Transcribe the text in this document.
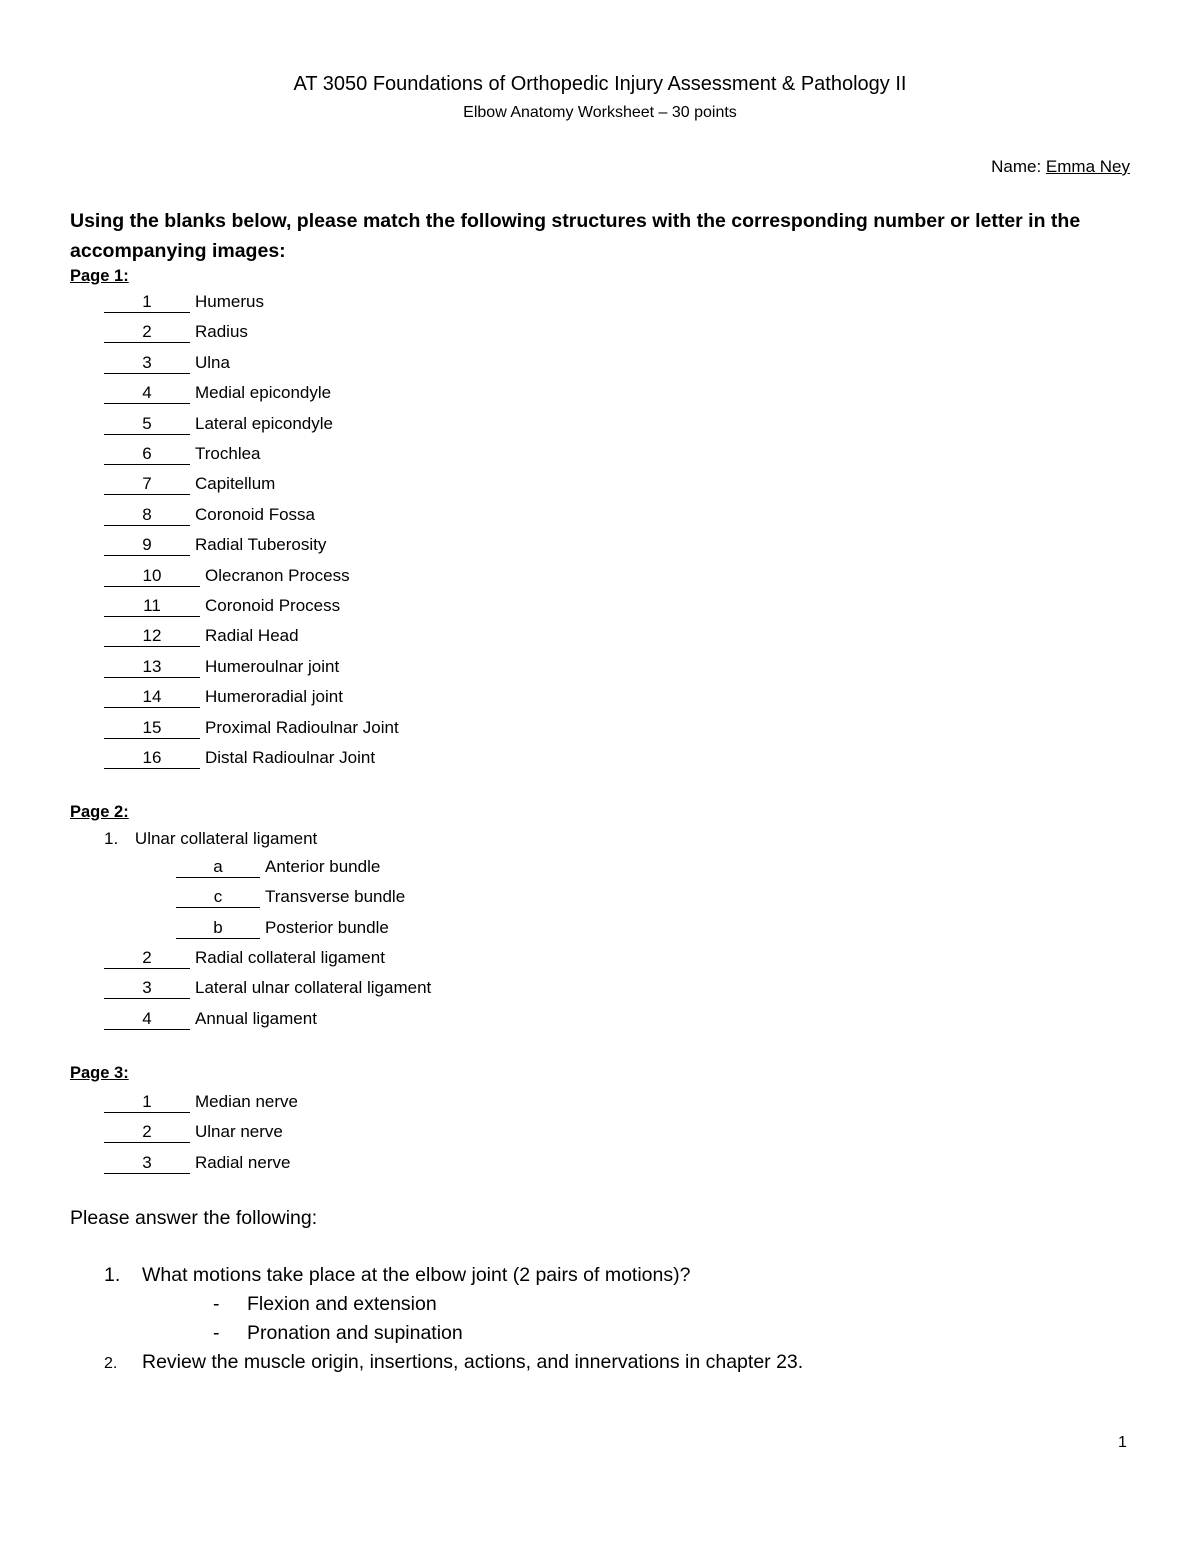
AT 3050 Foundations of Orthopedic Injury Assessment & Pathology II
Elbow Anatomy Worksheet – 30 points
Name: Emma Ney
Using the blanks below, please match the following structures with the corresponding number or letter in the accompanying images:
Page 1:
1	Humerus
2	Radius
3	Ulna
4	Medial epicondyle
5	Lateral epicondyle
6	Trochlea
7	Capitellum
8	Coronoid Fossa
9	Radial Tuberosity
10	Olecranon Process
11	Coronoid Process
12	Radial Head
13	Humeroulnar joint
14	Humeroradial joint
15	Proximal Radioulnar Joint
16	Distal Radioulnar Joint
Page 2:
1. Ulnar collateral ligament
a Anterior bundle
c	Transverse bundle
b Posterior bundle
2	Radial collateral ligament
3	Lateral ulnar collateral ligament
4	Annual ligament
Page 3:
1	Median nerve
2	Ulnar nerve
3	Radial nerve
Please answer the following:
1. What motions take place at the elbow joint (2 pairs of motions)?
- Flexion and extension
- Pronation and supination
2. Review the muscle origin, insertions, actions, and innervations in chapter 23.
1
